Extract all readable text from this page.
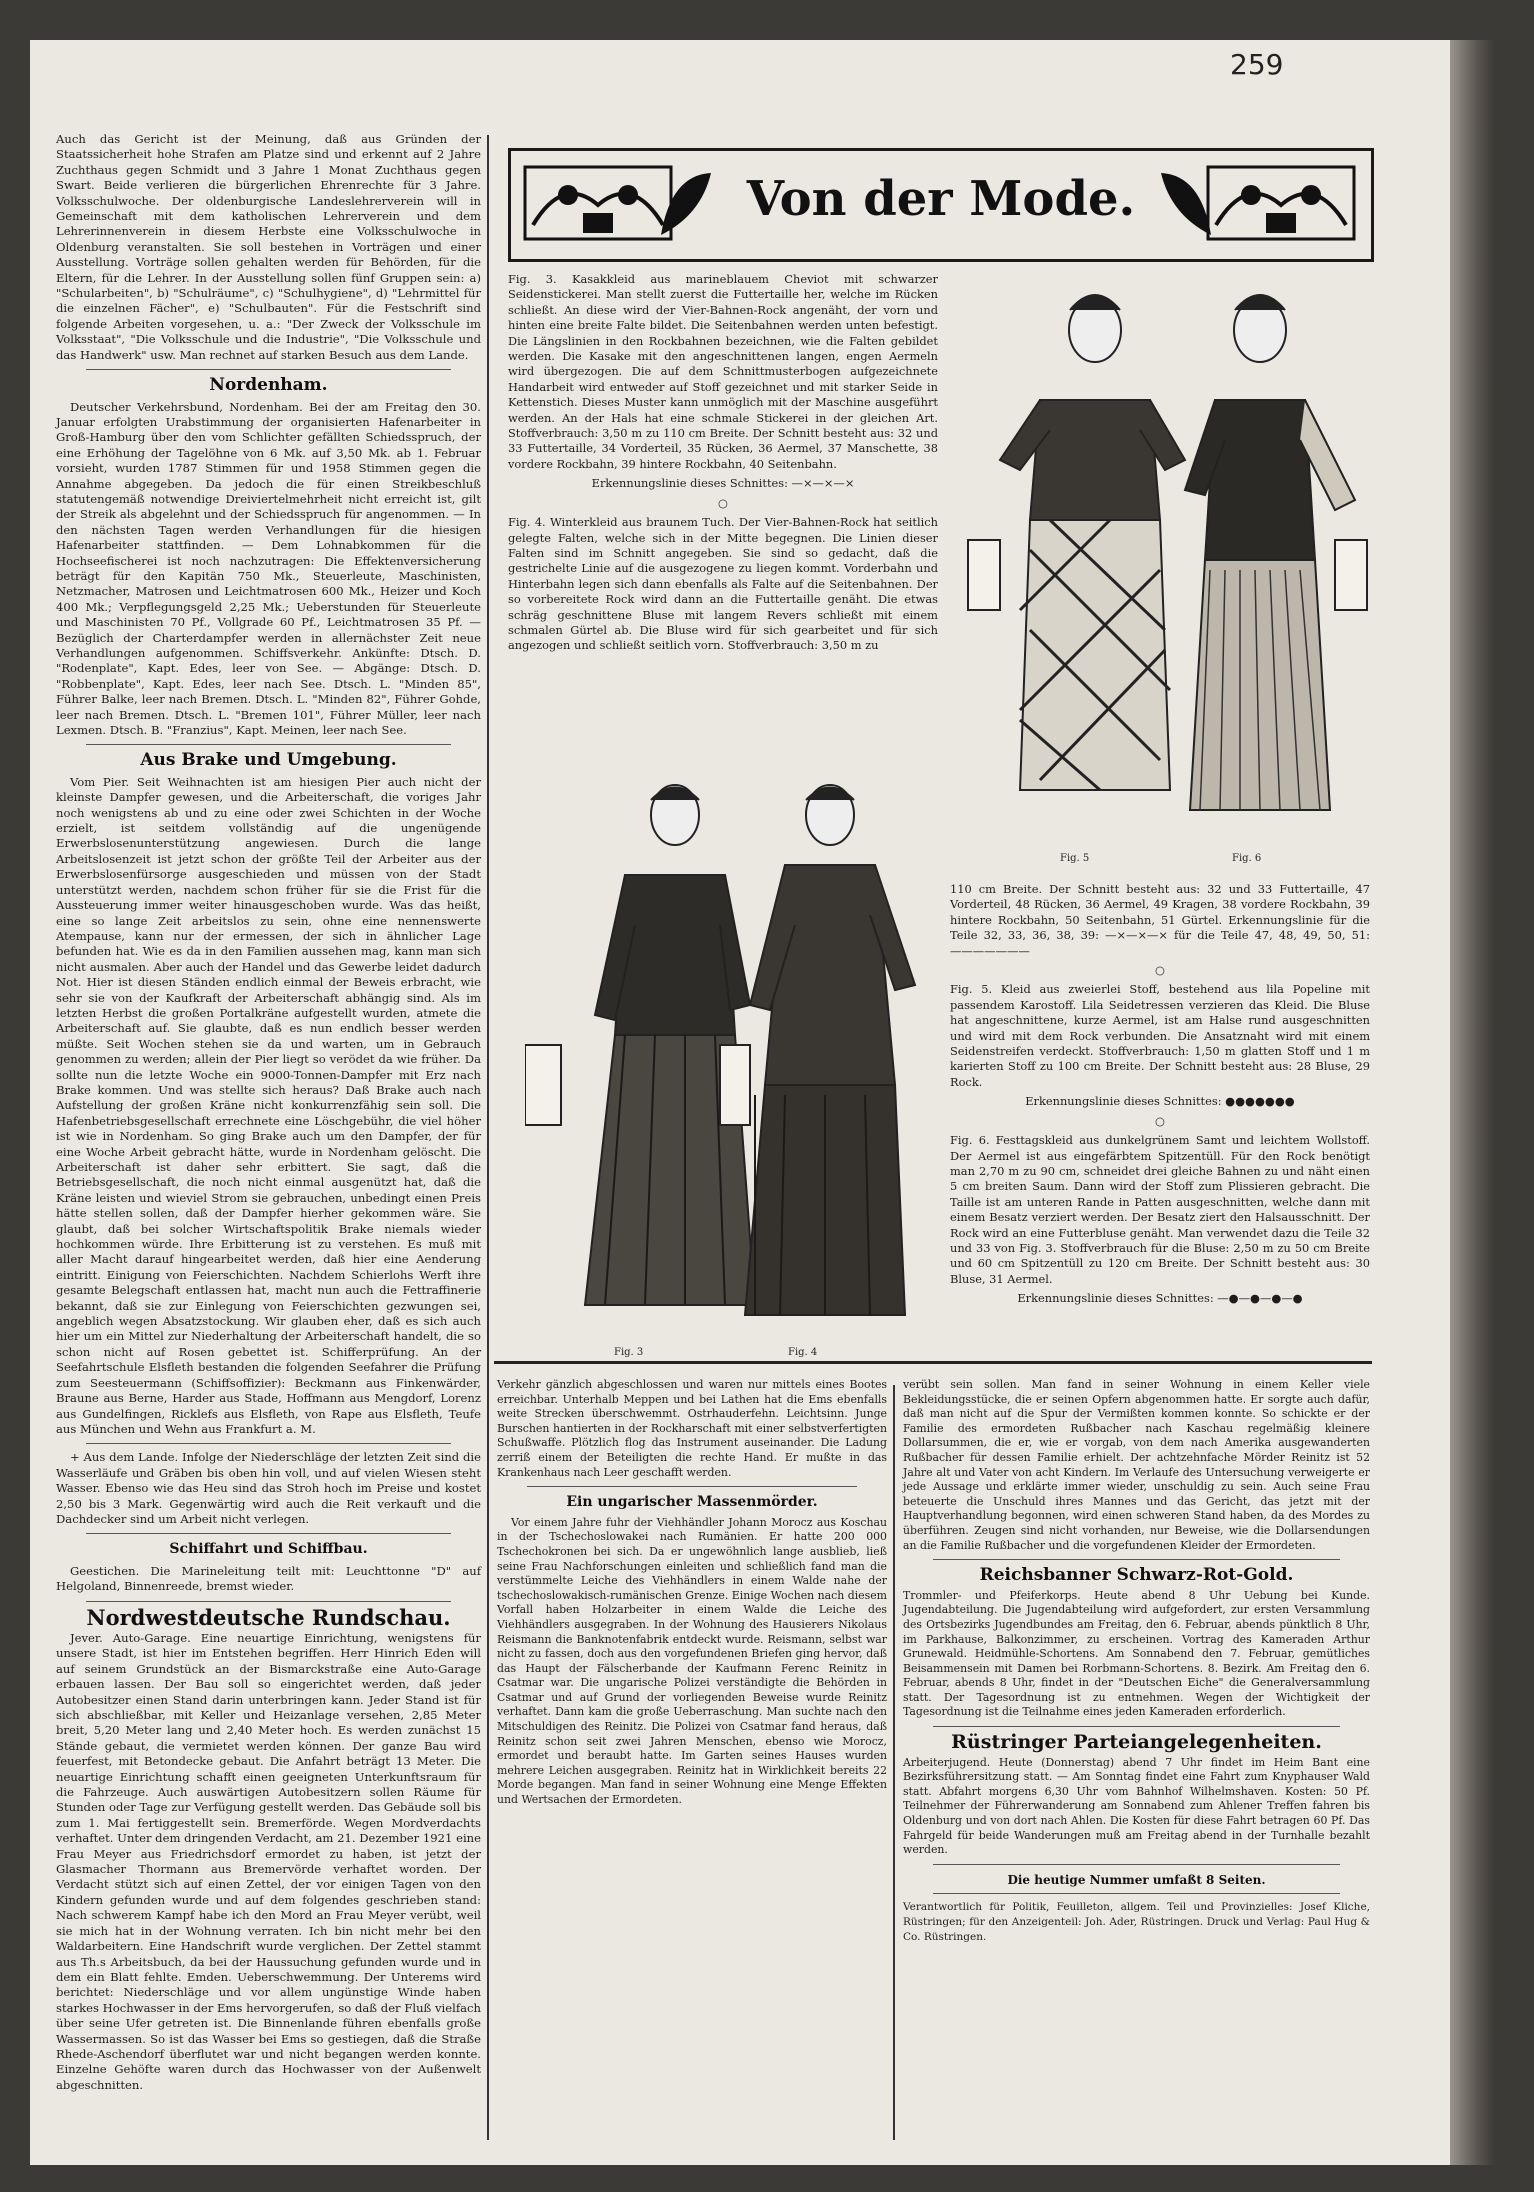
259

Auch das Gericht ist der Meinung, daß aus Gründen der Staatssicherheit hohe Strafen am Platze sind und erkennt auf 2 Jahre Zuchthaus gegen Schmidt und 3 Jahre 1 Monat Zuchthaus gegen Swart. Beide verlieren die bürgerlichen Ehrenrechte für 3 Jahre. Volksschulwoche. Der oldenburgische Landeslehrerverein will in Gemeinschaft mit dem katholischen Lehrerverein und dem Lehrerinnenverein in diesem Herbste eine Volksschulwoche in Oldenburg veranstalten. Sie soll bestehen in Vorträgen und einer Ausstellung. Vorträge sollen gehalten werden für Behörden, für die Eltern, für die Lehrer. In der Ausstellung sollen fünf Gruppen sein: a) "Schularbeiten", b) "Schulräume", c) "Schulhygiene", d) "Lehrmittel für die einzelnen Fächer", e) "Schulbauten". Für die Festschrift sind folgende Arbeiten vorgesehen, u. a.: "Der Zweck der Volksschule im Volksstaat", "Die Volksschule und die Industrie", "Die Volksschule und das Handwerk" usw. Man rechnet auf starken Besuch aus dem Lande.

Nordenham.

Deutscher Verkehrsbund, Nordenham. Bei der am Freitag den 30. Januar erfolgten Urabstimmung der organisierten Hafenarbeiter in Groß-Hamburg über den vom Schlichter gefällten Schiedsspruch, der eine Erhöhung der Tagelöhne von 6 Mk. auf 3,50 Mk. ab 1. Februar vorsieht, wurden 1787 Stimmen für und 1958 Stimmen gegen die Annahme abgegeben. Da jedoch die für einen Streikbeschluß statutengemäß notwendige Dreiviertelmehrheit nicht erreicht ist, gilt der Streik als abgelehnt und der Schiedsspruch für angenommen. — In den nächsten Tagen werden Verhandlungen für die hiesigen Hafenarbeiter stattfinden. — Dem Lohnabkommen für die Hochseefischerei ist noch nachzutragen: Die Effektenversicherung beträgt für den Kapitän 750 Mk., Steuerleute, Maschinisten, Netzmacher, Matrosen und Leichtmatrosen 600 Mk., Heizer und Koch 400 Mk.; Verpflegungsgeld 2,25 Mk.; Ueberstunden für Steuerleute und Maschinisten 70 Pf., Vollgrade 60 Pf., Leichtmatrosen 35 Pf. — Bezüglich der Charterdampfer werden in allernächster Zeit neue Verhandlungen aufgenommen. Schiffsverkehr. Ankünfte: Dtsch. D. "Rodenplate", Kapt. Edes, leer von See. — Abgänge: Dtsch. D. "Robbenplate", Kapt. Edes, leer nach See. Dtsch. L. "Minden 85", Führer Balke, leer nach Bremen. Dtsch. L. "Minden 82", Führer Gohde, leer nach Bremen. Dtsch. L. "Bremen 101", Führer Müller, leer nach Lexmen. Dtsch. B. "Franzius", Kapt. Meinen, leer nach See.

Aus Brake und Umgebung.

Vom Pier. Seit Weihnachten ist am hiesigen Pier auch nicht der kleinste Dampfer gewesen, und die Arbeiterschaft, die voriges Jahr noch wenigstens ab und zu eine oder zwei Schichten in der Woche erzielt, ist seitdem vollständig auf die ungenügende Erwerbslosenunterstützung angewiesen. Durch die lange Arbeitslosenzeit ist jetzt schon der größte Teil der Arbeiter aus der Erwerbslosenfürsorge ausgeschieden und müssen von der Stadt unterstützt werden, nachdem schon früher für sie die Frist für die Aussteuerung immer weiter hinausgeschoben wurde. Was das heißt, eine so lange Zeit arbeitslos zu sein, ohne eine nennenswerte Atempause, kann nur der ermessen, der sich in ähnlicher Lage befunden hat. Wie es da in den Familien aussehen mag, kann man sich nicht ausmalen. Aber auch der Handel und das Gewerbe leidet dadurch Not. Hier ist diesen Ständen endlich einmal der Beweis erbracht, wie sehr sie von der Kaufkraft der Arbeiterschaft abhängig sind. Als im letzten Herbst die großen Portalkräne aufgestellt wurden, atmete die Arbeiterschaft auf. Sie glaubte, daß es nun endlich besser werden müßte. Seit Wochen stehen sie da und warten, um in Gebrauch genommen zu werden; allein der Pier liegt so verödet da wie früher. Da sollte nun die letzte Woche ein 9000-Tonnen-Dampfer mit Erz nach Brake kommen. Und was stellte sich heraus? Daß Brake auch nach Aufstellung der großen Kräne nicht konkurrenzfähig sein soll. Die Hafenbetriebsgesellschaft errechnete eine Löschgebühr, die viel höher ist wie in Nordenham. So ging Brake auch um den Dampfer, der für eine Woche Arbeit gebracht hätte, wurde in Nordenham gelöscht. Die Arbeiterschaft ist daher sehr erbittert. Sie sagt, daß die Betriebsgesellschaft, die noch nicht einmal ausgenützt hat, daß die Kräne leisten und wieviel Strom sie gebrauchen, unbedingt einen Preis hätte stellen sollen, daß der Dampfer hierher gekommen wäre. Sie glaubt, daß bei solcher Wirtschaftspolitik Brake niemals wieder hochkommen würde. Ihre Erbitterung ist zu verstehen. Es muß mit aller Macht darauf hingearbeitet werden, daß hier eine Aenderung eintritt. Einigung von Feierschichten. Nachdem Schierlohs Werft ihre gesamte Belegschaft entlassen hat, macht nun auch die Fettraffinerie bekannt, daß sie zur Einlegung von Feierschichten gezwungen sei, angeblich wegen Absatzstockung. Wir glauben eher, daß es sich auch hier um ein Mittel zur Niederhaltung der Arbeiterschaft handelt, die so schon nicht auf Rosen gebettet ist. Schifferprüfung. An der Seefahrtschule Elsfleth bestanden die folgenden Seefahrer die Prüfung zum Seesteuermann (Schiffsoffizier): Beckmann aus Finkenwärder, Braune aus Berne, Harder aus Stade, Hoffmann aus Mengdorf, Lorenz aus Gundelfingen, Ricklefs aus Elsfleth, von Rape aus Elsfleth, Teufe aus München und Wehn aus Frankfurt a. M.

+ Aus dem Lande. Infolge der Niederschläge der letzten Zeit sind die Wasserläufe und Gräben bis oben hin voll, und auf vielen Wiesen steht Wasser. Ebenso wie das Heu sind das Stroh hoch im Preise und kostet 2,50 bis 3 Mark. Gegenwärtig wird auch die Reit verkauft und die Dachdecker sind um Arbeit nicht verlegen.

Schiffahrt und Schiffbau.

Geestichen. Die Marineleitung teilt mit: Leuchttonne "D" auf Helgoland, Binnenreede, bremst wieder.

Nordwestdeutsche Rundschau.

Jever. Auto-Garage. Eine neuartige Einrichtung, wenigstens für unsere Stadt, ist hier im Entstehen begriffen. Herr Hinrich Eden will auf seinem Grundstück an der Bismarckstraße eine Auto-Garage erbauen lassen. Der Bau soll so eingerichtet werden, daß jeder Autobesitzer einen Stand darin unterbringen kann. Jeder Stand ist für sich abschließbar, mit Keller und Heizanlage versehen, 2,85 Meter breit, 5,20 Meter lang und 2,40 Meter hoch. Es werden zunächst 15 Stände gebaut, die vermietet werden können. Der ganze Bau wird feuerfest, mit Betondecke gebaut. Die Anfahrt beträgt 13 Meter. Die neuartige Einrichtung schafft einen geeigneten Unterkunftsraum für die Fahrzeuge. Auch auswärtigen Autobesitzern sollen Räume für Stunden oder Tage zur Verfügung gestellt werden. Das Gebäude soll bis zum 1. Mai fertiggestellt sein. Bremerförde. Wegen Mordverdachts verhaftet. Unter dem dringenden Verdacht, am 21. Dezember 1921 eine Frau Meyer aus Friedrichsdorf ermordet zu haben, ist jetzt der Glasmacher Thormann aus Bremervörde verhaftet worden. Der Verdacht stützt sich auf einen Zettel, der vor einigen Tagen von den Kindern gefunden wurde und auf dem folgendes geschrieben stand: Nach schwerem Kampf habe ich den Mord an Frau Meyer verübt, weil sie mich hat in der Wohnung verraten. Ich bin nicht mehr bei den Waldarbeitern. Eine Handschrift wurde verglichen. Der Zettel stammt aus Th.s Arbeitsbuch, da bei der Haussuchung gefunden wurde und in dem ein Blatt fehlte. Emden. Ueberschwemmung. Der Unterems wird berichtet: Niederschläge und vor allem ungünstige Winde haben starkes Hochwasser in der Ems hervorgerufen, so daß der Fluß vielfach über seine Ufer getreten ist. Die Binnenlande führen ebenfalls große Wassermassen. So ist das Wasser bei Ems so gestiegen, daß die Straße Rhede-Aschendorf überflutet war und nicht begangen werden konnte. Einzelne Gehöfte waren durch das Hochwasser von der Außenwelt abgeschnitten.

Von der Mode.

Fig. 3. Kasakkleid aus marineblauem Cheviot mit schwarzer Seidenstickerei. Man stellt zuerst die Futtertaille her, welche im Rücken schließt. An diese wird der Vier-Bahnen-Rock angenäht, der vorn und hinten eine breite Falte bildet. Die Seitenbahnen werden unten befestigt. Die Längslinien in den Rockbahnen bezeichnen, wie die Falten gebildet werden. Die Kasake mit den angeschnittenen langen, engen Aermeln wird übergezogen. Die auf dem Schnittmusterbogen aufgezeichnete Handarbeit wird entweder auf Stoff gezeichnet und mit starker Seide in Kettenstich. Dieses Muster kann unmöglich mit der Maschine ausgeführt werden. An der Hals hat eine schmale Stickerei in der gleichen Art. Stoffverbrauch: 3,50 m zu 110 cm Breite. Der Schnitt besteht aus: 32 und 33 Futtertaille, 34 Vorderteil, 35 Rücken, 36 Aermel, 37 Manschette, 38 vordere Rockbahn, 39 hintere Rockbahn, 40 Seitenbahn.

Erkennungslinie dieses Schnittes: —×—×—×
○

Fig. 4. Winterkleid aus braunem Tuch. Der Vier-Bahnen-Rock hat seitlich gelegte Falten, welche sich in der Mitte begegnen. Die Linien dieser Falten sind im Schnitt angegeben. Sie sind so gedacht, daß die gestrichelte Linie auf die ausgezogene zu liegen kommt. Vorderbahn und Hinterbahn legen sich dann ebenfalls als Falte auf die Seitenbahnen. Der so vorbereitete Rock wird dann an die Futtertaille genäht. Die etwas schräg geschnittene Bluse mit langem Revers schließt mit einem schmalen Gürtel ab. Die Bluse wird für sich gearbeitet und für sich angezogen und schließt seitlich vorn. Stoffverbrauch: 3,50 m zu

Fig. 5	Fig. 6
Fig. 3	Fig. 4

110 cm Breite. Der Schnitt besteht aus: 32 und 33 Futtertaille, 47 Vorderteil, 48 Rücken, 36 Aermel, 49 Kragen, 38 vordere Rockbahn, 39 hintere Rockbahn, 50 Seitenbahn, 51 Gürtel. Erkennungslinie für die Teile 32, 33, 36, 38, 39: —×—×—× für die Teile 47, 48, 49, 50, 51: ———————

○

Fig. 5. Kleid aus zweierlei Stoff, bestehend aus lila Popeline mit passendem Karostoff. Lila Seidetressen verzieren das Kleid. Die Bluse hat angeschnittene, kurze Aermel, ist am Halse rund ausgeschnitten und wird mit dem Rock verbunden. Die Ansatznaht wird mit einem Seidenstreifen verdeckt. Stoffverbrauch: 1,50 m glatten Stoff und 1 m karierten Stoff zu 100 cm Breite. Der Schnitt besteht aus: 28 Bluse, 29 Rock.

Erkennungslinie dieses Schnittes: ●●●●●●●
○

Fig. 6. Festtagskleid aus dunkelgrünem Samt und leichtem Wollstoff. Der Aermel ist aus eingefärbtem Spitzentüll. Für den Rock benötigt man 2,70 m zu 90 cm, schneidet drei gleiche Bahnen zu und näht einen 5 cm breiten Saum. Dann wird der Stoff zum Plissieren gebracht. Die Taille ist am unteren Rande in Patten ausgeschnitten, welche dann mit einem Besatz verziert werden. Der Besatz ziert den Halsausschnitt. Der Rock wird an eine Futterbluse genäht. Man verwendet dazu die Teile 32 und 33 von Fig. 3. Stoffverbrauch für die Bluse: 2,50 m zu 50 cm Breite und 60 cm Spitzentüll zu 120 cm Breite. Der Schnitt besteht aus: 30 Bluse, 31 Aermel.

Erkennungslinie dieses Schnittes: —●—●—●—●

Verkehr gänzlich abgeschlossen und waren nur mittels eines Bootes erreichbar. Unterhalb Meppen und bei Lathen hat die Ems ebenfalls weite Strecken überschwemmt. Ostrhauderfehn. Leichtsinn. Junge Burschen hantierten in der Rockharschaft mit einer selbstverfertigten Schußwaffe. Plötzlich flog das Instrument auseinander. Die Ladung zerriß einem der Beteiligten die rechte Hand. Er mußte in das Krankenhaus nach Leer geschafft werden.

Ein ungarischer Massenmörder.

Vor einem Jahre fuhr der Viehhändler Johann Morocz aus Koschau in der Tschechoslowakei nach Rumänien. Er hatte 200 000 Tschechokronen bei sich. Da er ungewöhnlich lange ausblieb, ließ seine Frau Nachforschungen einleiten und schließlich fand man die verstümmelte Leiche des Viehhändlers in einem Walde nahe der tschechoslowakisch-rumänischen Grenze. Einige Wochen nach diesem Vorfall haben Holzarbeiter in einem Walde die Leiche des Viehhändlers ausgegraben. In der Wohnung des Hausierers Nikolaus Reismann die Banknotenfabrik entdeckt wurde. Reismann, selbst war nicht zu fassen, doch aus den vorgefundenen Briefen ging hervor, daß das Haupt der Fälscherbande der Kaufmann Ferenc Reinitz in Csatmar war. Die ungarische Polizei verständigte die Behörden in Csatmar und auf Grund der vorliegenden Beweise wurde Reinitz verhaftet. Dann kam die große Ueberraschung. Man suchte nach den Mitschuldigen des Reinitz. Die Polizei von Csatmar fand heraus, daß Reinitz schon seit zwei Jahren Menschen, ebenso wie Morocz, ermordet und beraubt hatte. Im Garten seines Hauses wurden mehrere Leichen ausgegraben. Reinitz hat in Wirklichkeit bereits 22 Morde begangen. Man fand in seiner Wohnung eine Menge Effekten und Wertsachen der Ermordeten.

verübt sein sollen. Man fand in seiner Wohnung in einem Keller viele Bekleidungsstücke, die er seinen Opfern abgenommen hatte. Er sorgte auch dafür, daß man nicht auf die Spur der Vermißten kommen konnte. So schickte er der Familie des ermordeten Rußbacher nach Kaschau regelmäßig kleinere Dollarsummen, die er, wie er vorgab, von dem nach Amerika ausgewanderten Rußbacher für dessen Familie erhielt. Der achtzehnfache Mörder Reinitz ist 52 Jahre alt und Vater von acht Kindern. Im Verlaufe des Untersuchung verweigerte er jede Aussage und erklärte immer wieder, unschuldig zu sein. Auch seine Frau beteuerte die Unschuld ihres Mannes und das Gericht, das jetzt mit der Hauptverhandlung begonnen, wird einen schweren Stand haben, da des Mordes zu überführen. Zeugen sind nicht vorhanden, nur Beweise, wie die Dollarsendungen an die Familie Rußbacher und die vorgefundenen Kleider der Ermordeten.

Reichsbanner Schwarz-Rot-Gold.

Trommler- und Pfeiferkorps. Heute abend 8 Uhr Uebung bei Kunde. Jugendabteilung. Die Jugendabteilung wird aufgefordert, zur ersten Versammlung des Ortsbezirks Jugendbundes am Freitag, den 6. Februar, abends pünktlich 8 Uhr, im Parkhause, Balkonzimmer, zu erscheinen. Vortrag des Kameraden Arthur Grunewald. Heidmühle-Schortens. Am Sonnabend den 7. Februar, gemütliches Beisammensein mit Damen bei Rorbmann-Schortens. 8. Bezirk. Am Freitag den 6. Februar, abends 8 Uhr, findet in der "Deutschen Eiche" die Generalversammlung statt. Der Tagesordnung ist zu entnehmen. Wegen der Wichtigkeit der Tagesordnung ist die Teilnahme eines jeden Kameraden erforderlich.

Rüstringer Parteiangelegenheiten.

Arbeiterjugend. Heute (Donnerstag) abend 7 Uhr findet im Heim Bant eine Bezirksführersitzung statt. — Am Sonntag findet eine Fahrt zum Knyphauser Wald statt. Abfahrt morgens 6,30 Uhr vom Bahnhof Wilhelmshaven. Kosten: 50 Pf. Teilnehmer der Führerwanderung am Sonnabend zum Ahlener Treffen fahren bis Oldenburg und von dort nach Ahlen. Die Kosten für diese Fahrt betragen 60 Pf. Das Fahrgeld für beide Wanderungen muß am Freitag abend in der Turnhalle bezahlt werden.

Die heutige Nummer umfaßt 8 Seiten.

Verantwortlich für Politik, Feuilleton, allgem. Teil und Provinzielles: Josef Kliche, Rüstringen; für den Anzeigenteil: Joh. Ader, Rüstringen. Druck und Verlag: Paul Hug & Co. Rüstringen.
